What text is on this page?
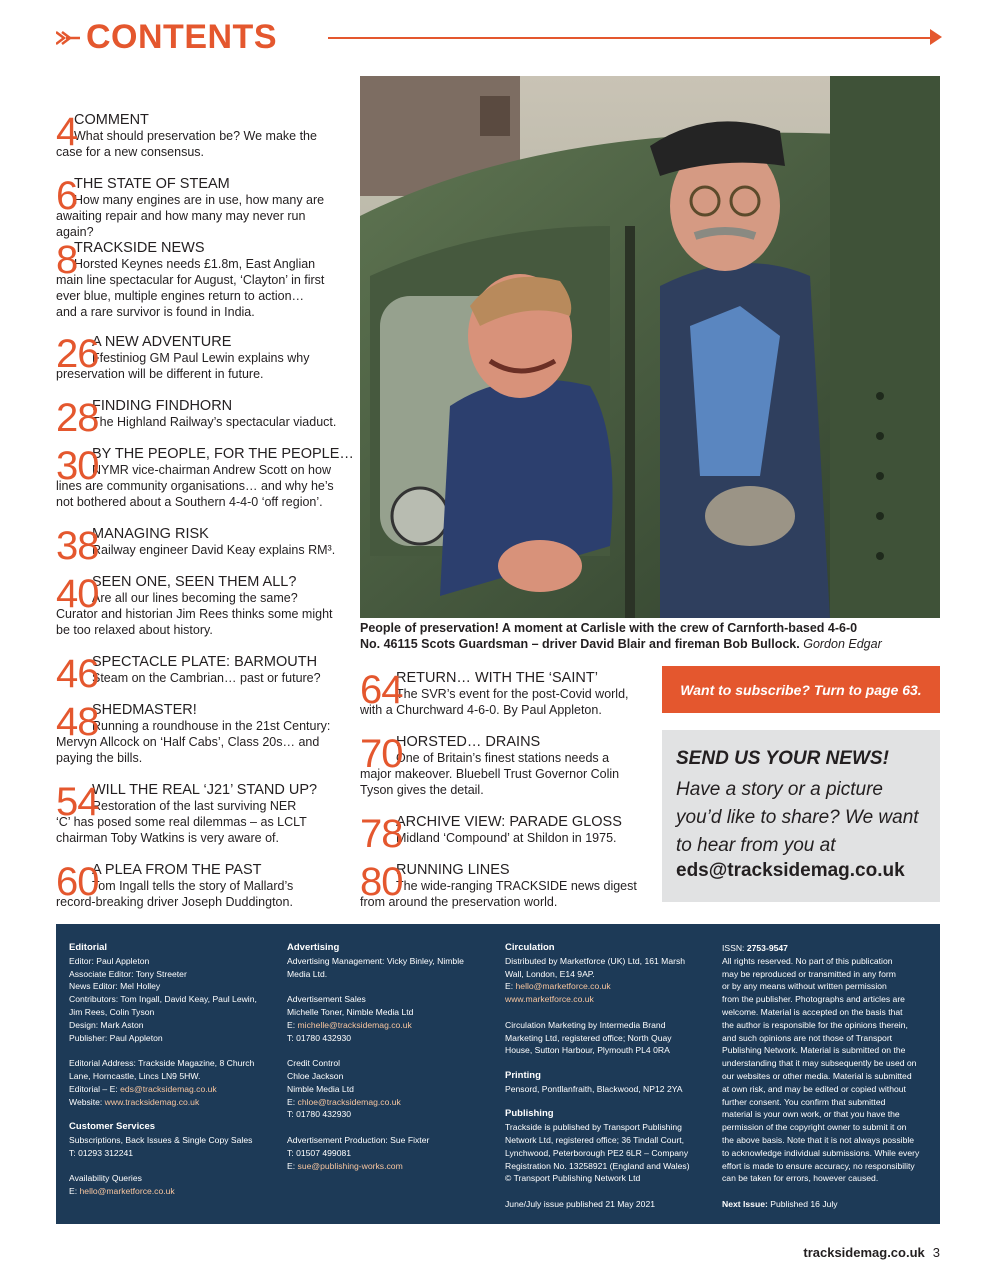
CONTENTS
4
COMMENT
What should preservation be? We make the
case for a new consensus.
6
THE STATE OF STEAM
How many engines are in use, how many are
awaiting repair and how many may never run again?
8
TRACKSIDE NEWS
Horsted Keynes needs £1.8m, East Anglian
main line spectacular for August, ‘Clayton’ in first
ever blue, multiple engines return to action…
and a rare survivor is found in India.
26
A NEW ADVENTURE
Ffestiniog GM Paul Lewin explains why
preservation will be different in future.
28
FINDING FINDHORN
The Highland Railway’s spectacular viaduct.
30
BY THE PEOPLE, FOR THE PEOPLE…
NYMR vice-chairman Andrew Scott on how
lines are community organisations… and why he’s
not bothered about a Southern 4-4-0 ‘off region’.
38
MANAGING RISK
Railway engineer David Keay explains RM³.
40
SEEN ONE, SEEN THEM ALL?
Are all our lines becoming the same?
Curator and historian Jim Rees thinks some might
be too relaxed about history.
46
SPECTACLE PLATE: BARMOUTH
Steam on the Cambrian… past or future?
48
SHEDMASTER!
Running a roundhouse in the 21st Century:
Mervyn Allcock on ‘Half Cabs’, Class 20s… and
paying the bills.
54
WILL THE REAL ‘J21’ STAND UP?
Restoration of the last surviving NER
‘C’ has posed some real dilemmas – as LCLT
chairman Toby Watkins is very aware of.
60
A PLEA FROM THE PAST
Tom Ingall tells the story of Mallard’s
record-breaking driver Joseph Duddington.
64
RETURN… WITH THE ‘SAINT’
The SVR’s event for the post-Covid world,
with a Churchward 4-6-0. By Paul Appleton.
70
HORSTED… DRAINS
One of Britain’s finest stations needs a
major makeover. Bluebell Trust Governor Colin
Tyson gives the detail.
78
ARCHIVE VIEW: PARADE GLOSS
Midland ‘Compound’ at Shildon in 1975.
80
RUNNING LINES
The wide-ranging TRACKSIDE news digest
from around the preservation world.
People of preservation! A moment at Carlisle with the crew of Carnforth-based 4-6-0
No. 46115 Scots Guardsman – driver David Blair and fireman Bob Bullock. Gordon Edgar
Want to subscribe? Turn to page 63.
SEND US YOUR NEWS!
Have a story or a picture
you’d like to share? We want
to hear from you at
eds@tracksidemag.co.uk
Editorial
Editor: Paul Appleton
Associate Editor: Tony Streeter
News Editor: Mel Holley
Contributors: Tom Ingall, David Keay, Paul Lewin,
Jim Rees, Colin Tyson
Design: Mark Aston
Publisher: Paul Appleton
Editorial Address: Trackside Magazine, 8 Church
Lane, Horncastle, Lincs LN9 5HW.
Editorial – E: eds@tracksidemag.co.uk
Website: www.tracksidemag.co.uk
Customer Services
Subscriptions, Back Issues & Single Copy Sales
T: 01293 312241
Availability Queries
E: hello@marketforce.co.uk
Advertising
Advertising Management: Vicky Binley, Nimble
Media Ltd.
Advertisement Sales
Michelle Toner, Nimble Media Ltd
E: michelle@tracksidemag.co.uk
T: 01780 432930
Credit Control
Chloe Jackson
Nimble Media Ltd
E: chloe@tracksidemag.co.uk
T: 01780 432930
Advertisement Production: Sue Fixter
T: 01507 499081
E: sue@publishing-works.com
Circulation
Distributed by Marketforce (UK) Ltd, 161 Marsh
Wall, London, E14 9AP.
E: hello@marketforce.co.uk
www.marketforce.co.uk
Circulation Marketing by Intermedia Brand
Marketing Ltd, registered office; North Quay
House, Sutton Harbour, Plymouth PL4 0RA
Printing
Pensord, Pontllanfraith, Blackwood, NP12 2YA
Publishing
Trackside is published by Transport Publishing
Network Ltd, registered office; 36 Tindall Court,
Lynchwood, Peterborough PE2 6LR – Company
Registration No. 13258921 (England and Wales)
© Transport Publishing Network Ltd
June/July issue published 21 May 2021
ISSN: 2753-9547
All rights reserved. No part of this publication
may be reproduced or transmitted in any form
or by any means without written permission
from the publisher. Photographs and articles are
welcome. Material is accepted on the basis that
the author is responsible for the opinions therein,
and such opinions are not those of Transport
Publishing Network. Material is submitted on the
understanding that it may subsequently be used on
our websites or other media. Material is submitted
at own risk, and may be edited or copied without
further consent. You confirm that submitted
material is your own work, or that you have the
permission of the copyright owner to submit it on
the above basis. Note that it is not always possible
to acknowledge individual submissions. While every
effort is made to ensure accuracy, no responsibility
can be taken for errors, however caused.
Next Issue: Published 16 July
tracksidemag.co.uk 3
